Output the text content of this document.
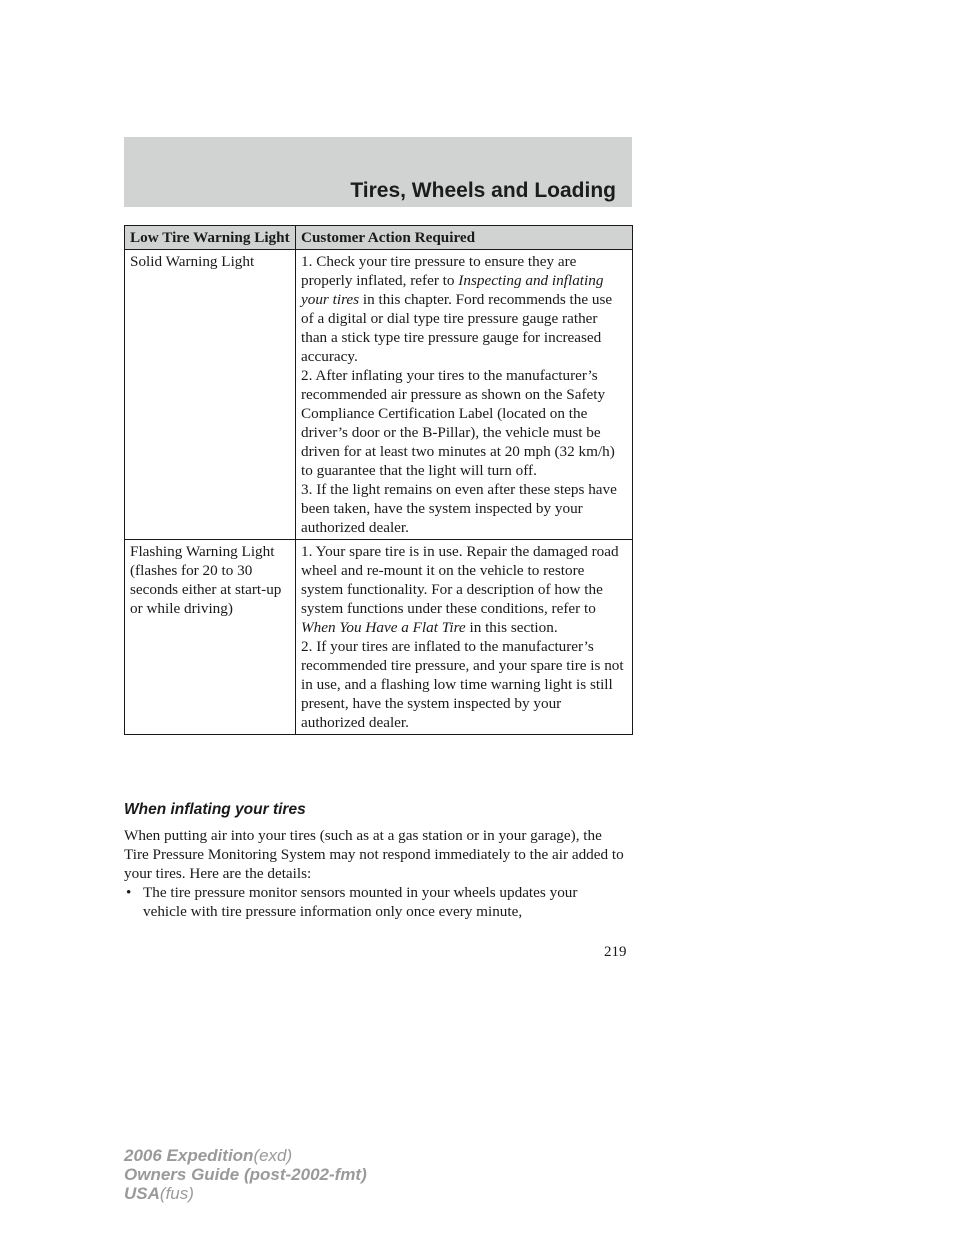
Tires, Wheels and Loading
Low Tire Warning Light	Customer Action Required
Solid Warning Light	1. Check your tire pressure to ensure they are properly inflated, refer to Inspecting and inflating your tires in this chapter. Ford recommends the use of a digital or dial type tire pressure gauge rather than a stick type tire pressure gauge for increased accuracy.

2. After inflating your tires to the manufacturer’s recommended air pressure as shown on the Safety Compliance Certification Label (located on the driver’s door or the B-Pillar), the vehicle must be driven for at least two minutes at 20 mph (32 km/h) to guarantee that the light will turn off.

3. If the light remains on even after these steps have been taken, have the system inspected by your authorized dealer.

Flashing Warning Light (flashes for 20 to 30 seconds either at start-up or while driving)	1. Your spare tire is in use. Repair the damaged road wheel and re-mount it on the vehicle to restore system functionality. For a description of how the system functions under these conditions, refer to When You Have a Flat Tire in this section.

2. If your tires are inflated to the manufacturer’s recommended tire pressure, and your spare tire is not in use, and a flashing low time warning light is still present, have the system inspected by your authorized dealer.

When inflating your tires

When putting air into your tires (such as at a gas station or in your garage), the Tire Pressure Monitoring System may not respond immediately to the air added to your tires. Here are the details:

• The tire pressure monitor sensors mounted in your wheels updates your vehicle with tire pressure information only once every minute,
219
2006 Expedition(exd)
Owners Guide (post-2002-fmt)
USA(fus)
